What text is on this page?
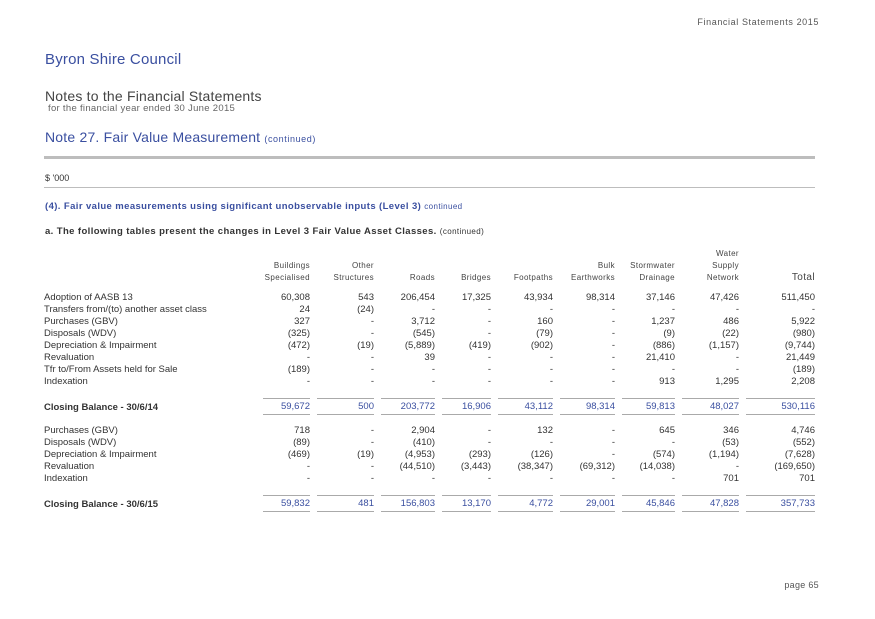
Financial Statements 2015
Byron Shire Council
Notes to the Financial Statements
for the financial year ended 30 June 2015
Note 27. Fair Value Measurement (continued)
$ '000
(4). Fair value measurements using significant unobservable inputs (Level 3) continued
a. The following tables present the changes in Level 3 Fair Value Asset Classes. (continued)
								Water	
	Buildings	Other				Bulk	Stormwater	Supply	
	Specialised	Structures	Roads	Bridges	Footpaths	Earthworks	Drainage	Network	Total

Adoption of AASB 13	60,308	543	206,454	17,325	43,934	98,314	37,146	47,426	511,450
Transfers from/(to) another asset class	24	(24)	-	-	-	-	-	-	-
Purchases (GBV)	327	-	3,712	-	160	-	1,237	486	5,922
Disposals (WDV)	(325)	-	(545)	-	(79)	-	(9)	(22)	(980)
Depreciation & Impairment	(472)	(19)	(5,889)	(419)	(902)	-	(886)	(1,157)	(9,744)
Revaluation	-	-	39	-	-	-	21,410	-	21,449
Tfr to/From Assets held for Sale	(189)	-	-	-	-	-	-	-	(189)
Indexation	-	-	-	-	-	-	913	1,295	2,208

Closing Balance - 30/6/14	59,672	500	203,772	16,906	43,112	98,314	59,813	48,027	530,116

Purchases (GBV)	718	-	2,904	-	132	-	645	346	4,746
Disposals (WDV)	(89)	-	(410)	-	-	-	-	(53)	(552)
Depreciation & Impairment	(469)	(19)	(4,953)	(293)	(126)	-	(574)	(1,194)	(7,628)
Revaluation	-	-	(44,510)	(3,443)	(38,347)	(69,312)	(14,038)	-	(169,650)
Indexation	-	-	-	-	-	-	-	701	701

Closing Balance - 30/6/15	59,832	481	156,803	13,170	4,772	29,001	45,846	47,828	357,733
page 65
